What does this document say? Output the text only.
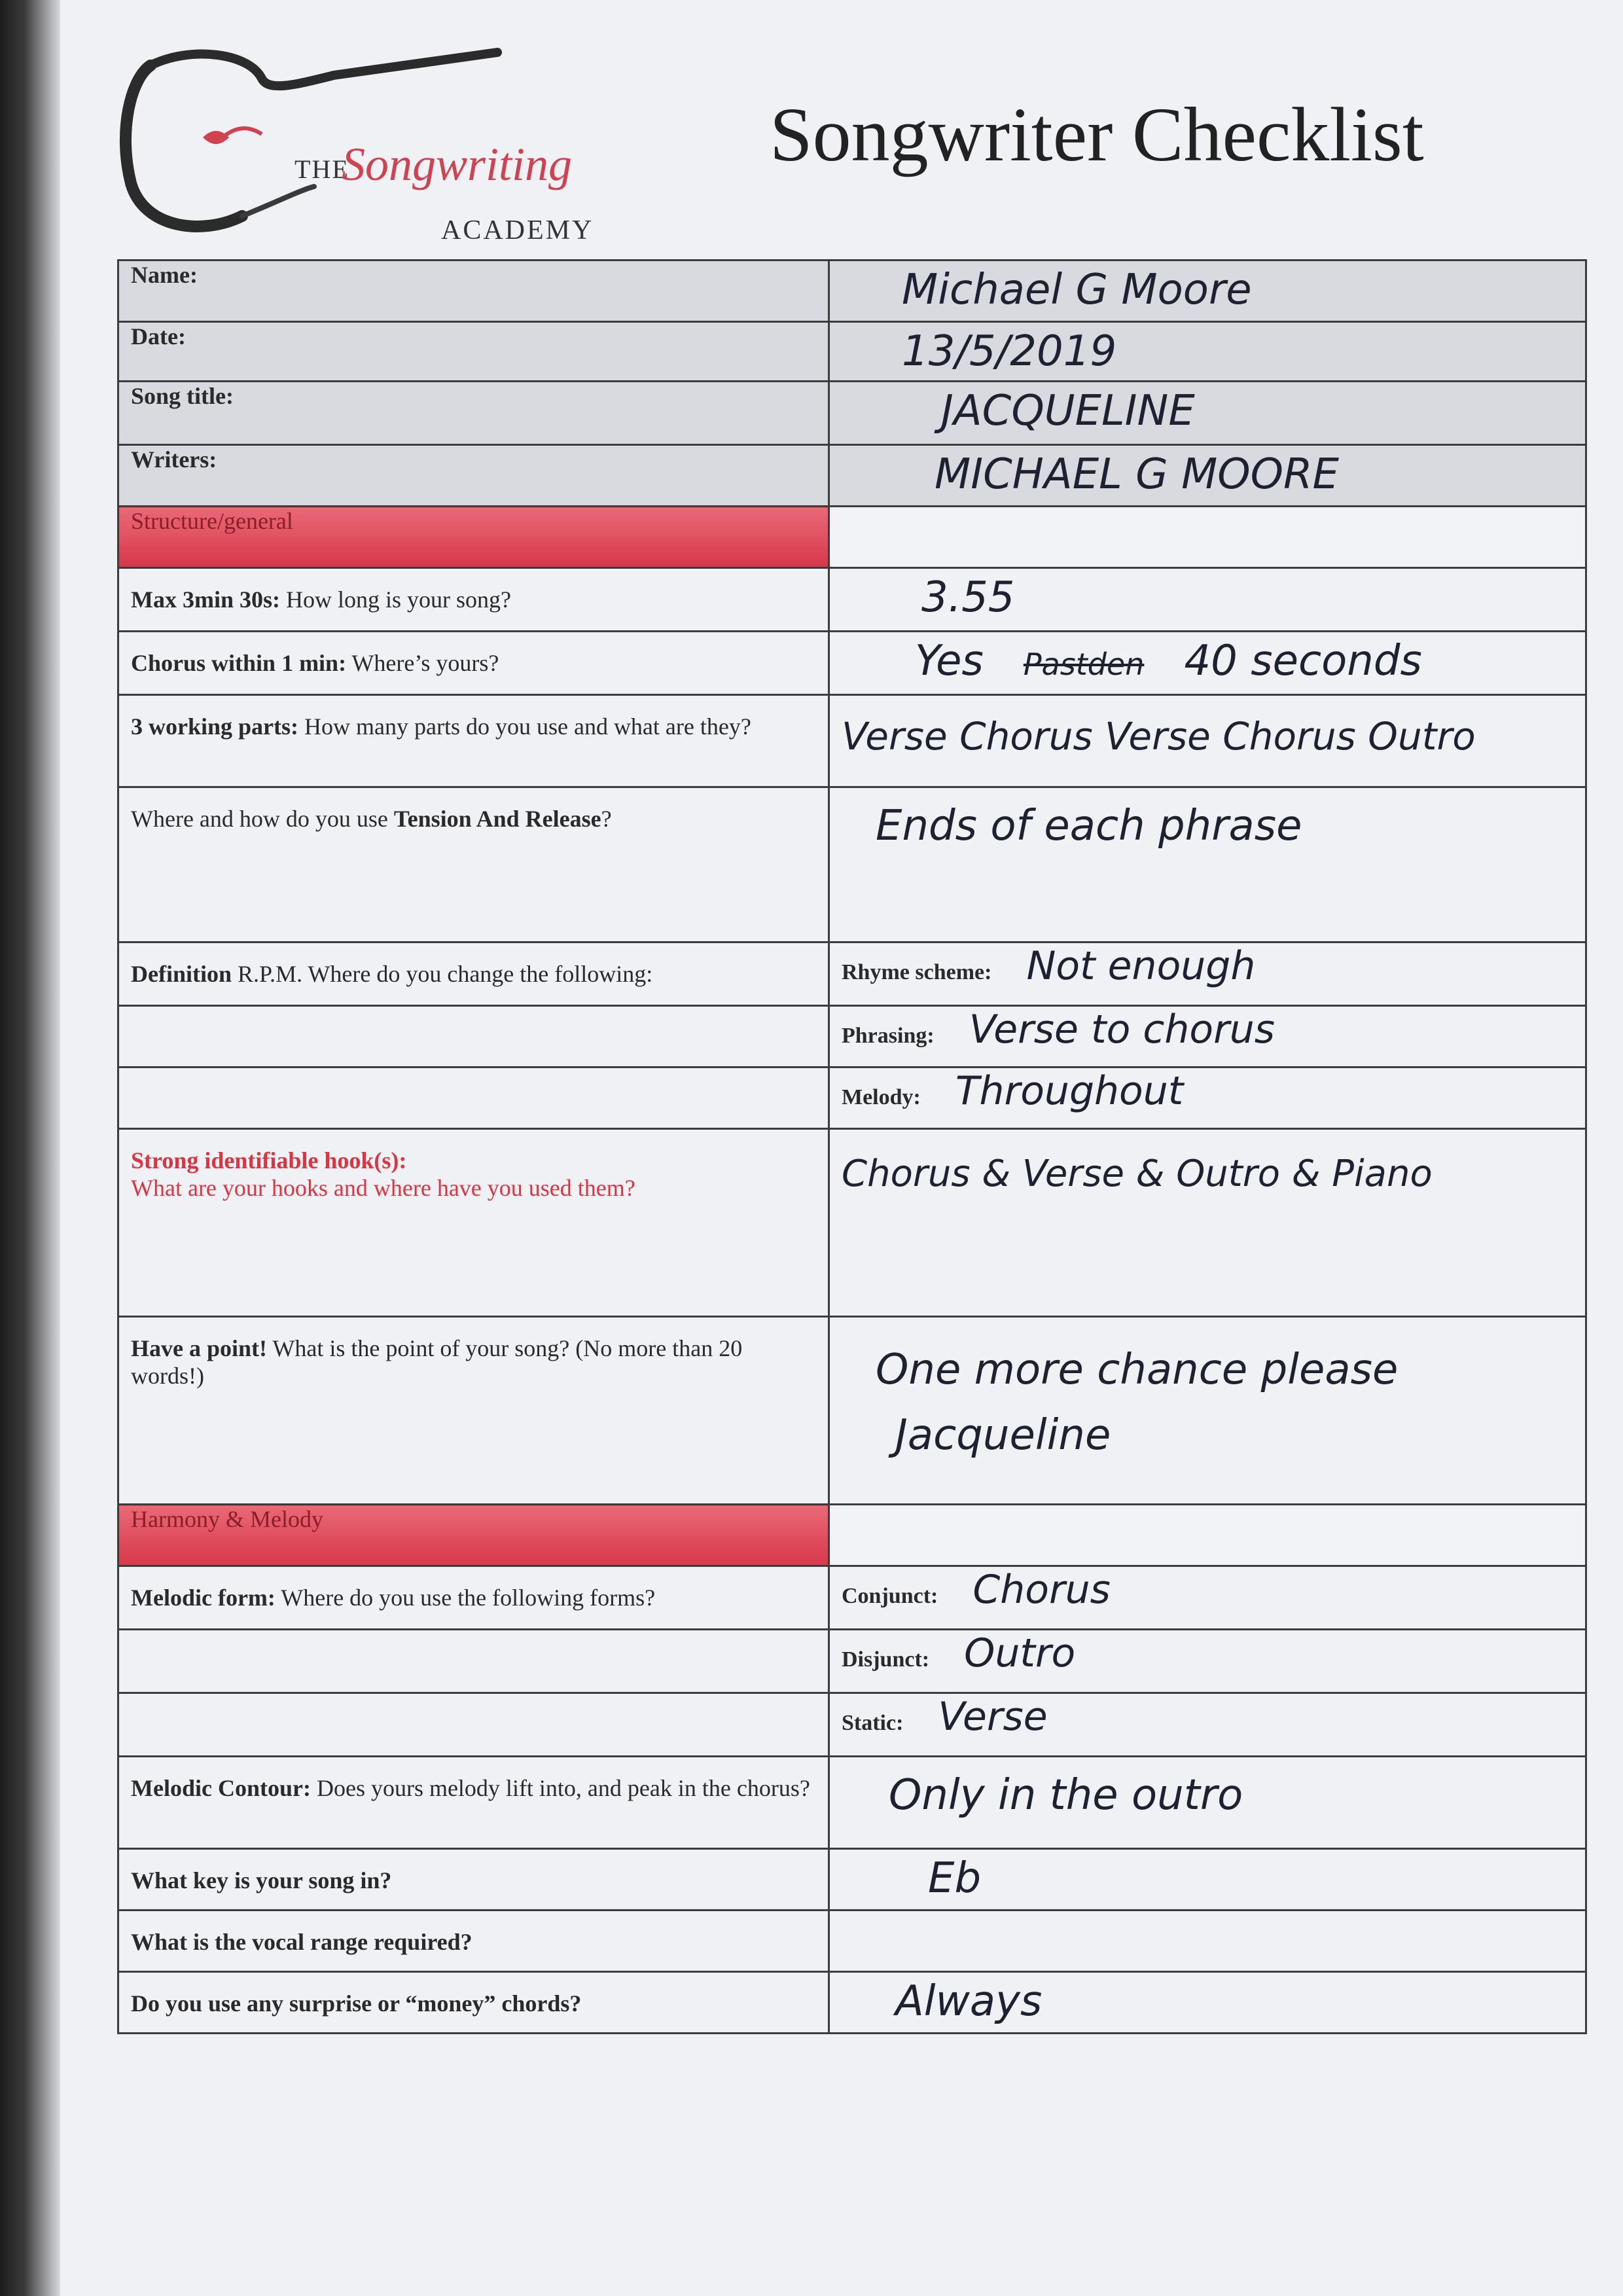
THE
Songwriting
ACADEMY
Songwriter Checklist
Name:	Michael G Moore
Date:	13/5/2019
Song title:	JACQUELINE
Writers:	MICHAEL G MOORE
Structure/general	
Max 3min 30s: How long is your song?	3.55
Chorus within 1 min: Where’s yours?	Yes Pastden 40 seconds
3 working parts: How many parts do you use and what are they?	Verse Chorus Verse Chorus Outro
Where and how do you use Tension And Release?	Ends of each phrase
Definition R.P.M. Where do you change the following:	Rhyme scheme: Not enough
	Phrasing: Verse to chorus
	Melody: Throughout
Strong identifiable hook(s):
What are your hooks and where have you used them?	Chorus & Verse & Outro & Piano
Have a point! What is the point of your song? (No more than 20 words!)	One more chance please
Jacqueline
Harmony & Melody	
Melodic form: Where do you use the following forms?	Conjunct: Chorus
	Disjunct: Outro
	Static: Verse
Melodic Contour: Does yours melody lift into, and peak in the chorus?	Only in the outro
What key is your song in?	Eb
What is the vocal range required?	
Do you use any surprise or “money” chords?	Always
